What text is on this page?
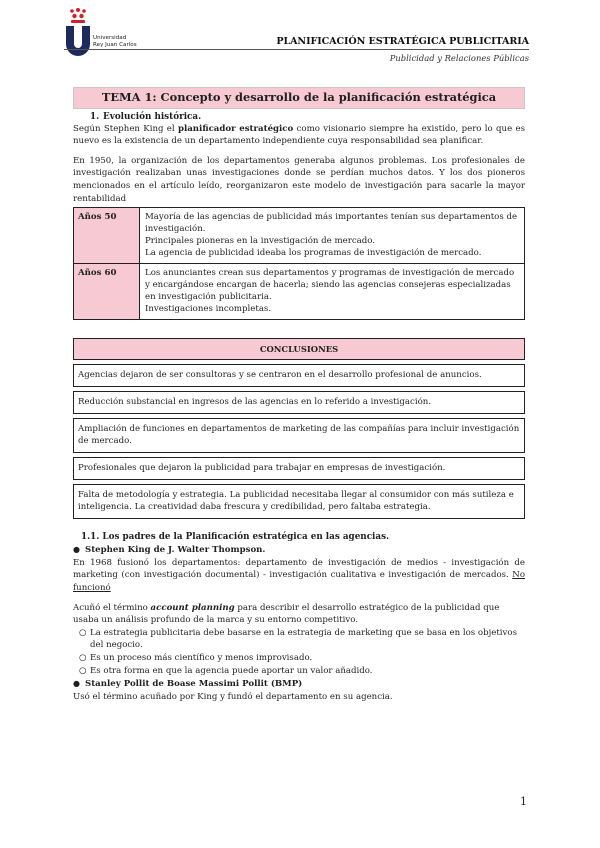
Universidad
Rey Juan Carlos	PLANIFICACIÓN ESTRATÉGICA PUBLICITARIA
Publicidad y Relaciones Públicas
TEMA 1: Concepto y desarrollo de la planificación estratégica
1. Evolución histórica.

Según Stephen King el planificador estratégico como visionario siempre ha existido, pero lo que es nuevo es la existencia de un departamento independiente cuya responsabilidad sea planificar.

En 1950, la organización de los departamentos generaba algunos problemas. Los profesionales de investigación realizaban unas investigaciones donde se perdían muchos datos. Y los dos pioneros mencionados en el artículo leído, reorganizaron este modelo de investigación para sacarle la mayor rentabilidad

Años 50	Mayoría de las agencias de publicidad más importantes tenían sus departamentos de investigación.
Principales pioneras en la investigación de mercado.
La agencia de publicidad ideaba los programas de investigación de mercado.

Años 60	Los anunciantes crean sus departamentos y programas de investigación de mercado y encargándose encargan de hacerla; siendo las agencias consejeras especializadas en investigación publicitaria.
Investigaciones incompletas.
CONCLUSIONES

Agencias dejaron de ser consultoras y se centraron en el desarrollo profesional de anuncios.

Reducción substancial en ingresos de las agencias en lo referido a investigación.

Ampliación de funciones en departamentos de marketing de las compañías para incluir investigación de mercado.

Profesionales que dejaron la publicidad para trabajar en empresas de investigación.

Falta de metodología y estrategia. La publicidad necesitaba llegar al consumidor con más sutileza e inteligencia. La creatividad daba frescura y credibilidad, pero faltaba estrategia.
1.1. Los padres de la Planificación estratégica en las agencias.
● Stephen King de J. Walter Thompson.

En 1968 fusionó los departamentos: departamento de investigación de medios - investigación de marketing (con investigación documental) - investigación cualitativa e investigación de mercados. No funcionó

Acuñó el término account planning para describir el desarrollo estratégico de la publicidad que usaba un análisis profundo de la marca y su entorno competitivo.

○ La estrategia publicitaria debe basarse en la estrategia de marketing que se basa en los objetivos del negocio.
○ Es un proceso más científico y menos improvisado.
○ Es otra forma en que la agencia puede aportar un valor añadido.
● Stanley Pollit de Boase Massimi Pollit (BMP)

Usó el término acuñado por King y fundó el departamento en su agencia.

1
